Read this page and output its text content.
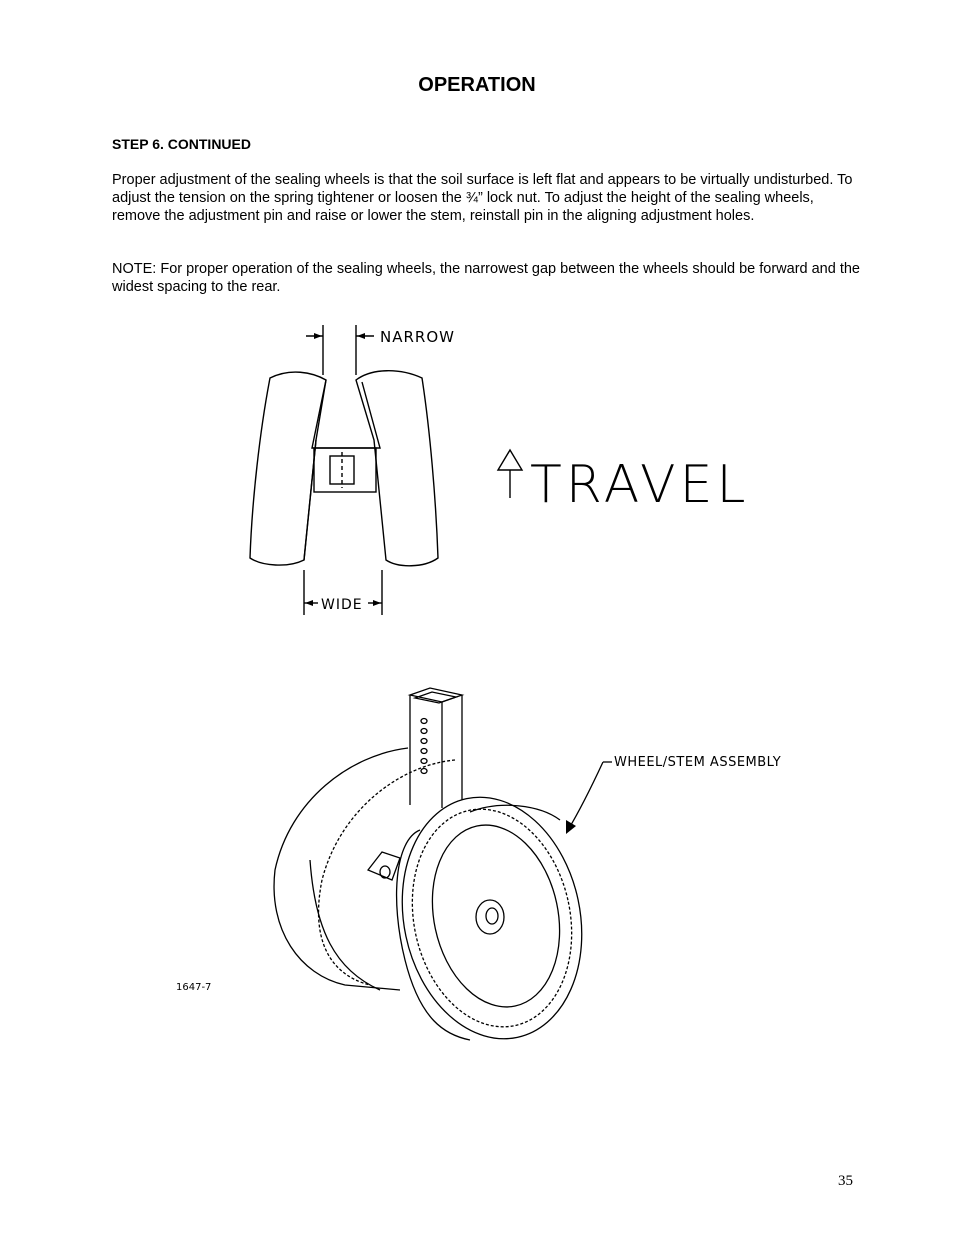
OPERATION
STEP 6. CONTINUED

Proper adjustment of the sealing wheels is that the soil surface is left flat and appears to be virtually undisturbed. To adjust the tension on the spring tightener or loosen the ¾” lock nut. To adjust the height of the sealing wheels, remove the adjustment pin and raise or lower the stem, reinstall pin in the aligning adjustment holes.

NOTE: For proper operation of the sealing wheels, the narrowest gap between the wheels should be forward and the widest spacing to the rear.

NARROW
WIDE
TRAVEL
WHEEL/STEM ASSEMBLY
1647-7
35
